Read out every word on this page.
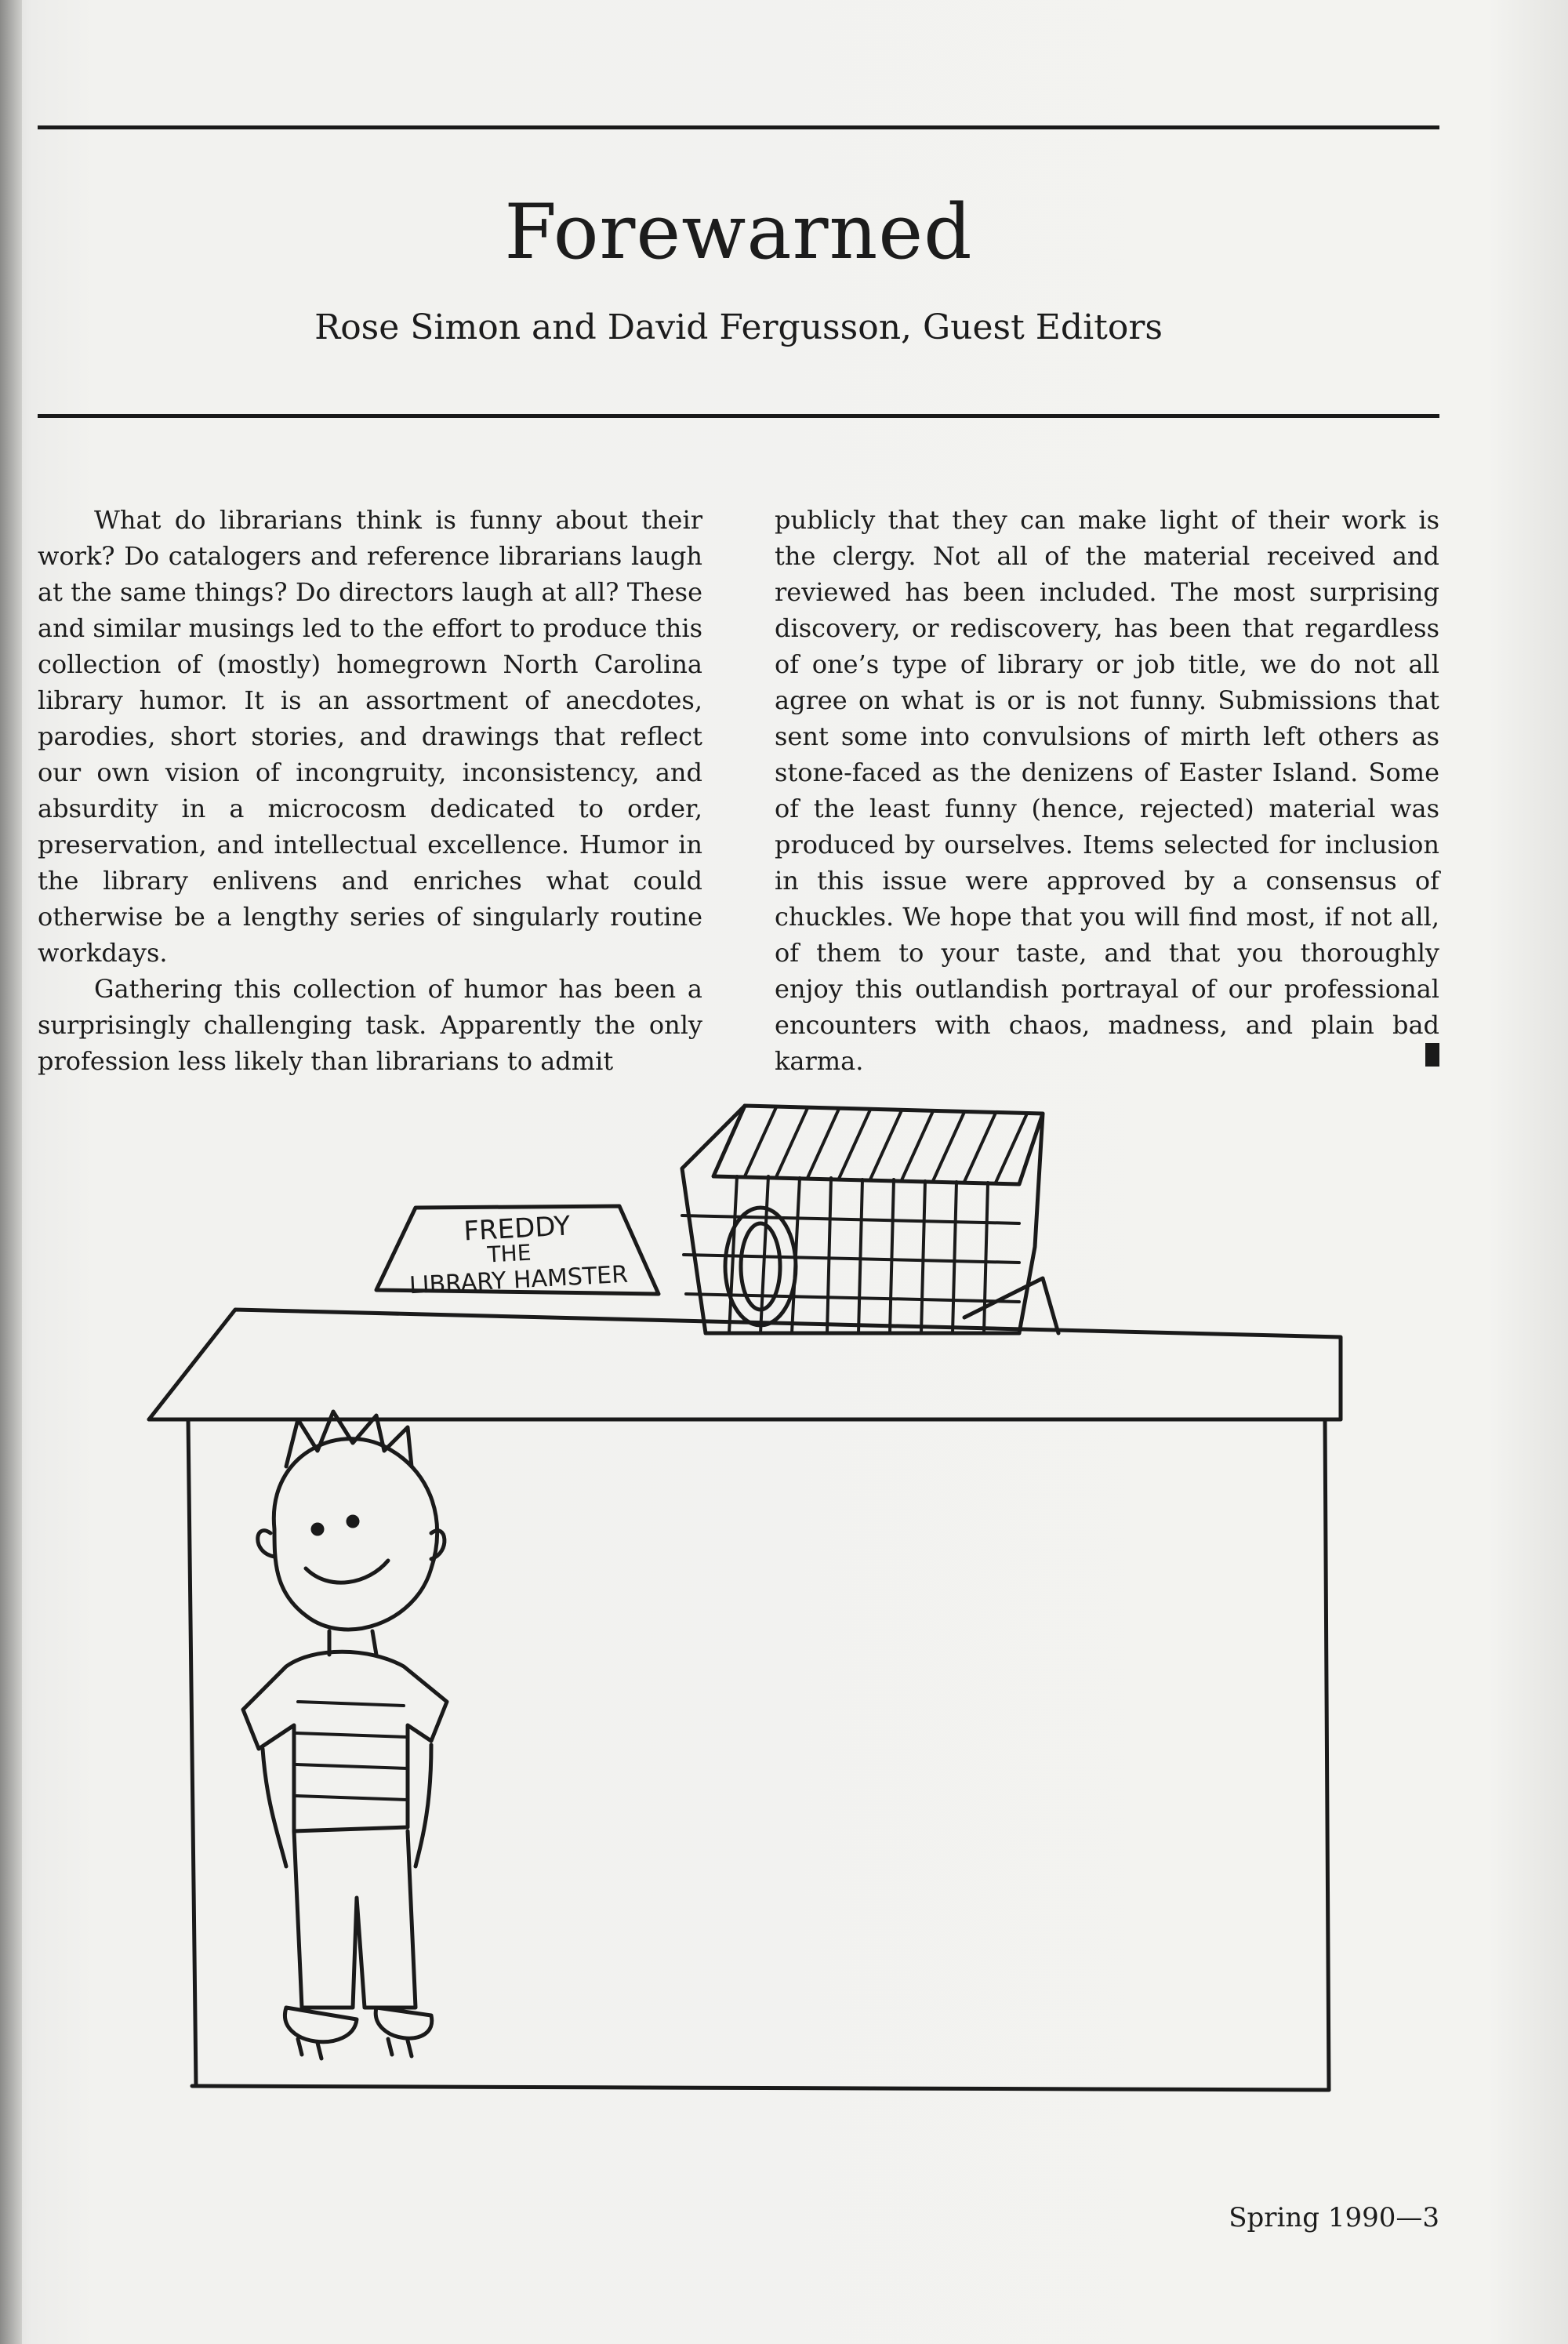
Forewarned
Rose Simon and David Fergusson, Guest Editors

What do librarians think is funny about their work? Do catalogers and reference librarians laugh at the same things? Do directors laugh at all? These and similar musings led to the effort to produce this collection of (mostly) homegrown North Carolina library humor. It is an assortment of anecdotes, parodies, short stories, and drawings that reflect our own vision of incongruity, inconsistency, and absurdity in a microcosm dedicated to order, preservation, and intellectual excellence. Humor in the library enlivens and enriches what could otherwise be a lengthy series of singularly routine workdays.

Gathering this collection of humor has been a surprisingly challenging task. Apparently the only profession less likely than librarians to admit

publicly that they can make light of their work is the clergy. Not all of the material received and reviewed has been included. The most surprising discovery, or rediscovery, has been that regardless of one’s type of library or job title, we do not all agree on what is or is not funny. Submissions that sent some into convulsions of mirth left others as stone-faced as the denizens of Easter Island. Some of the least funny (hence, rejected) material was produced by ourselves. Items selected for inclusion in this issue were approved by a consensus of chuckles. We hope that you will find most, if not all, of them to your taste, and that you thoroughly enjoy this outlandish portrayal of our professional encounters with chaos, madness, and plain bad karma.

FREDDY
THE
LIBRARY HAMSTER
Spring 1990—3
